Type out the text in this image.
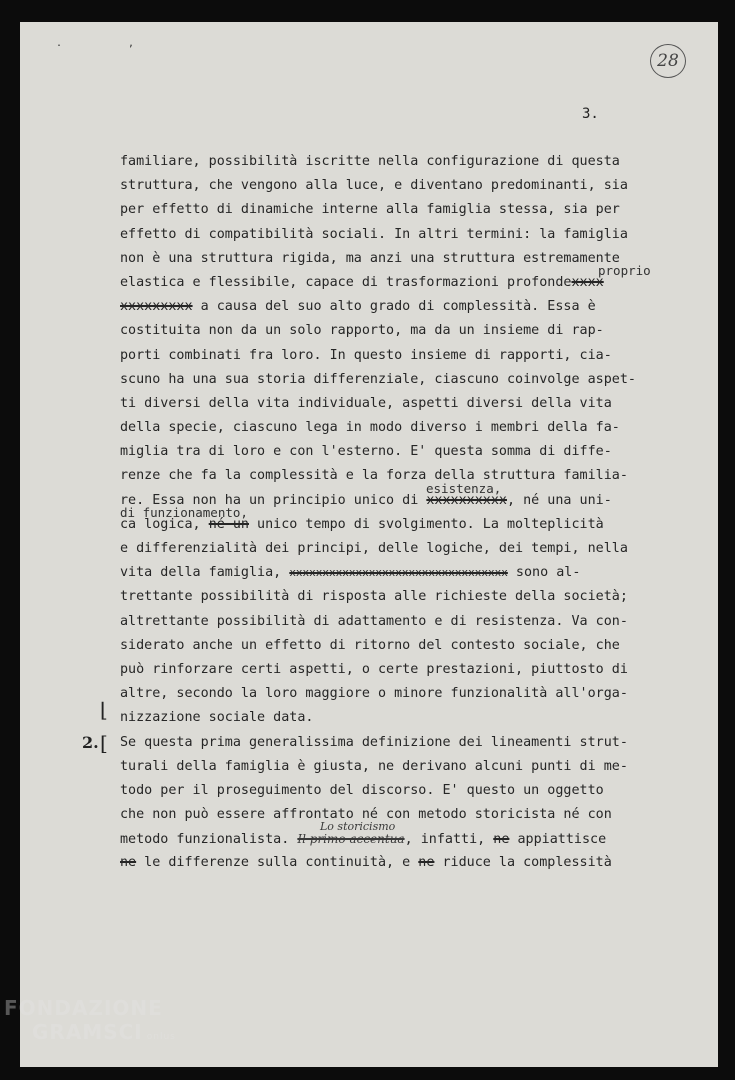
. ,
28
3.
familiare, possibilità iscritte nella configurazione di questa
struttura, che vengono alla luce, e diventano predominanti, sia
per effetto di dinamiche interne alla famiglia stessa, sia per
effetto di compatibilità sociali. In altri termini: la famiglia
non è una struttura rigida, ma anzi una struttura estremamente
elastica e flessibile, capace di trasformazioni profondexxxx
proprio
xxxxxxxxx a causa del suo alto grado di complessità. Essa è
costituita non da un solo rapporto, ma da un insieme di rap-
porti combinati fra loro. In questo insieme di rapporti, cia-
scuno ha una sua storia differenziale, ciascuno coinvolge aspet-
ti diversi della vita individuale, aspetti diversi della vita
della specie, ciascuno lega in modo diverso i membri della fa-
miglia tra di loro e con l'esterno. E' questa somma di diffe-
renze che fa la complessità e la forza della struttura familia-
re. Essa non ha un principio unico di xxxxxxxxxx, né una uni-
esistenza,
di funzionamento,
ca logica, né un unico tempo di svolgimento. La molteplicità
e differenzialità dei principi, delle logiche, dei tempi, nella
vita della famiglia, xxxxxxxxxxxxxxxxxxxxxxxxxxxxxxxxx sono al-
trettante possibilità di risposta alle richieste della società;
altrettante possibilità di adattamento e di resistenza. Va con-
siderato anche un effetto di ritorno del contesto sociale, che
può rinforzare certi aspetti, o certe prestazioni, piuttosto di
altre, secondo la loro maggiore o minore funzionalità all'orga-
⌊ nizzazione sociale data.
2. [ Se questa prima generalissima definizione dei lineamenti strut-
turali della famiglia è giusta, ne derivano alcuni punti di me-
todo per il proseguimento del discorso. E' questo un oggetto
che non può essere affrontato né con metodo storicista né con
metodo funzionalista. Il primo accentua
Lo storicismo
, infatti, ne appiattisce
ne le differenze sulla continuità, e ne riduce la complessità
FONDAZIONE
GRAMSCI onlus
